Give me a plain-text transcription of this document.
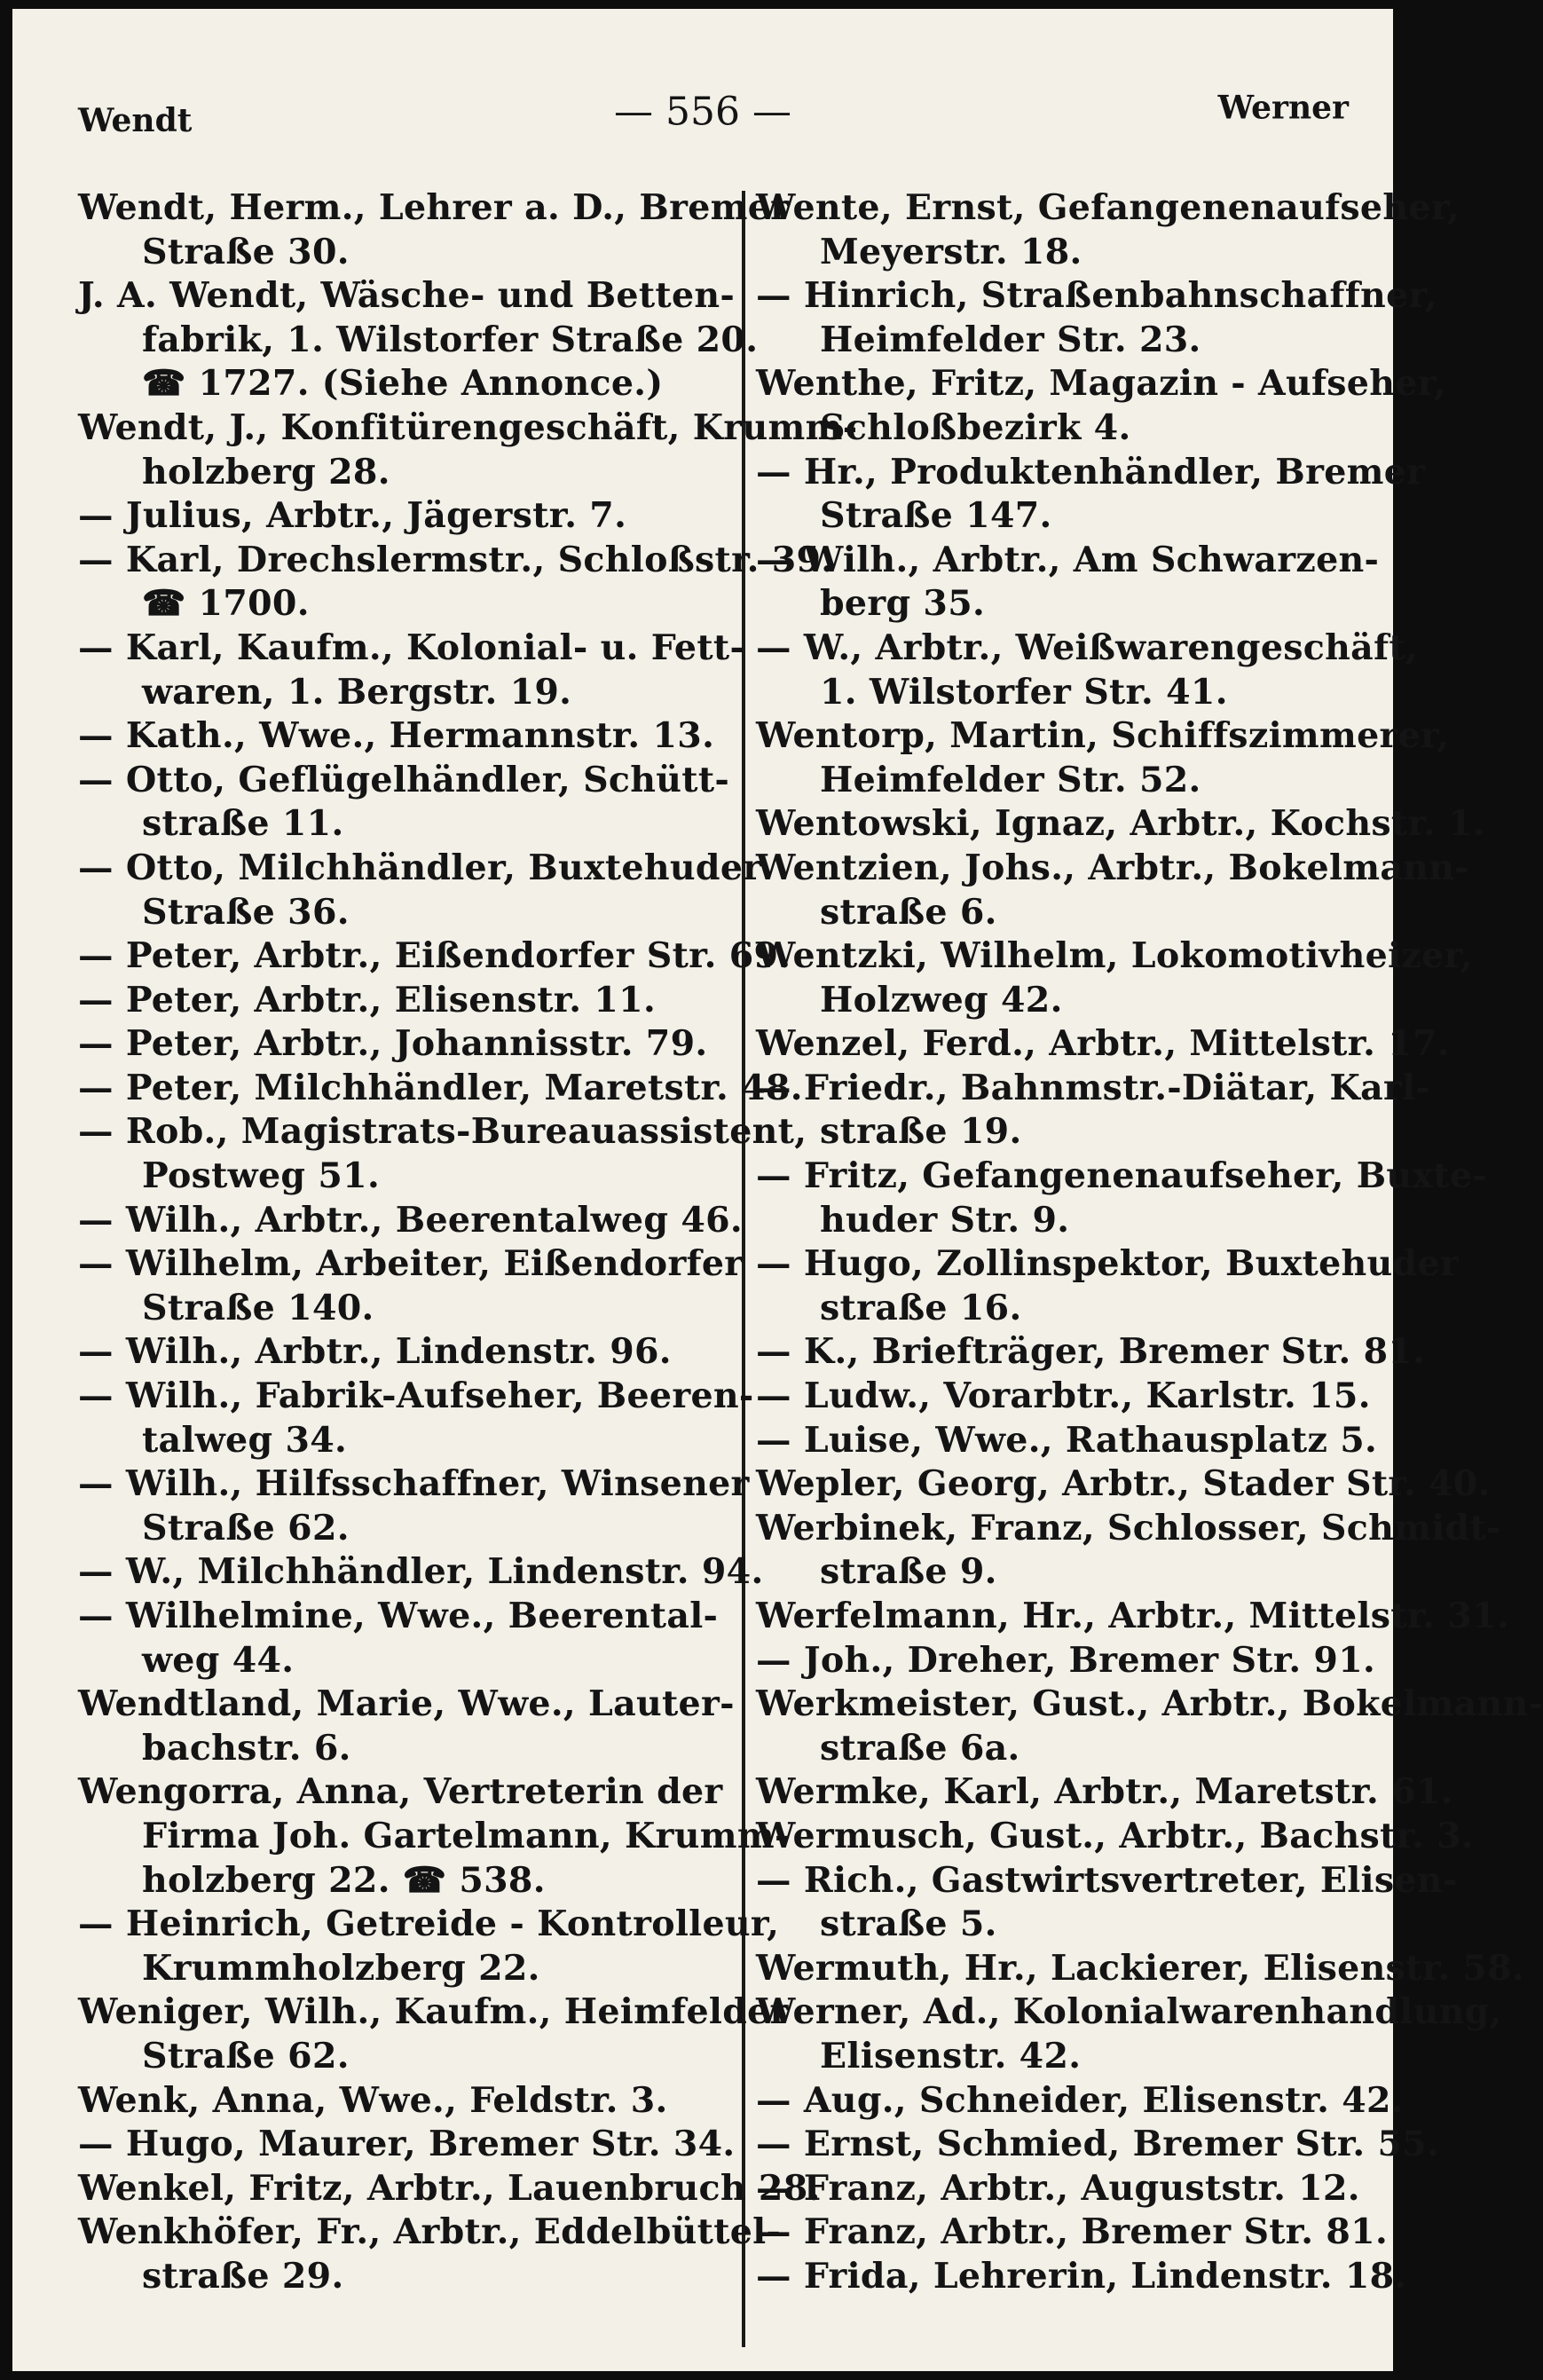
Wendt	— 556 —	Werner
Wendt, Herm., Lehrer a. D., Bremer
Straße 30.
J. A. Wendt, Wäsche- und Betten-
fabrik, 1. Wilstorfer Straße 20.
☎ 1727. (Siehe Annonce.)
Wendt, J., Konfitürengeschäft, Krumm-
holzberg 28.
— Julius, Arbtr., Jägerstr. 7.
— Karl, Drechslermstr., Schloßstr. 39.
☎ 1700.
— Karl, Kaufm., Kolonial- u. Fett-
waren, 1. Bergstr. 19.
— Kath., Wwe., Hermannstr. 13.
— Otto, Geflügelhändler, Schütt-
straße 11.
— Otto, Milchhändler, Buxtehuder
Straße 36.
— Peter, Arbtr., Eißendorfer Str. 69.
— Peter, Arbtr., Elisenstr. 11.
— Peter, Arbtr., Johannisstr. 79.
— Peter, Milchhändler, Maretstr. 48.
— Rob., Magistrats-Bureauassistent,
Postweg 51.
— Wilh., Arbtr., Beerentalweg 46.
— Wilhelm, Arbeiter, Eißendorfer
Straße 140.
— Wilh., Arbtr., Lindenstr. 96.
— Wilh., Fabrik-Aufseher, Beeren-
talweg 34.
— Wilh., Hilfsschaffner, Winsener
Straße 62.
— W., Milchhändler, Lindenstr. 94.
— Wilhelmine, Wwe., Beerental-
weg 44.
Wendtland, Marie, Wwe., Lauter-
bachstr. 6.
Wengorra, Anna, Vertreterin der
Firma Joh. Gartelmann, Krumm-
holzberg 22. ☎ 538.
— Heinrich, Getreide - Kontrolleur,
Krummholzberg 22.
Weniger, Wilh., Kaufm., Heimfelder
Straße 62.
Wenk, Anna, Wwe., Feldstr. 3.
— Hugo, Maurer, Bremer Str. 34.
Wenkel, Fritz, Arbtr., Lauenbruch 28.
Wenkhöfer, Fr., Arbtr., Eddelbüttel-
straße 29.
Wente, Ernst, Gefangenenaufseher,
Meyerstr. 18.
— Hinrich, Straßenbahnschaffner,
Heimfelder Str. 23.
Wenthe, Fritz, Magazin - Aufseher,
Schloßbezirk 4.
— Hr., Produktenhändler, Bremer
Straße 147.
— Wilh., Arbtr., Am Schwarzen-
berg 35.
— W., Arbtr., Weißwarengeschäft,
1. Wilstorfer Str. 41.
Wentorp, Martin, Schiffszimmerer,
Heimfelder Str. 52.
Wentowski, Ignaz, Arbtr., Kochstr. 1.
Wentzien, Johs., Arbtr., Bokelmann-
straße 6.
Wentzki, Wilhelm, Lokomotivheizer,
Holzweg 42.
Wenzel, Ferd., Arbtr., Mittelstr. 17.
— Friedr., Bahnmstr.-Diätar, Karl-
straße 19.
— Fritz, Gefangenenaufseher, Buxte-
huder Str. 9.
— Hugo, Zollinspektor, Buxtehuder
straße 16.
— K., Briefträger, Bremer Str. 81.
— Ludw., Vorarbtr., Karlstr. 15.
— Luise, Wwe., Rathausplatz 5.
Wepler, Georg, Arbtr., Stader Str. 40.
Werbinek, Franz, Schlosser, Schmidt-
straße 9.
Werfelmann, Hr., Arbtr., Mittelstr. 31.
— Joh., Dreher, Bremer Str. 91.
Werkmeister, Gust., Arbtr., Bokelmann-
straße 6a.
Wermke, Karl, Arbtr., Maretstr. 61.
Wermusch, Gust., Arbtr., Bachstr. 3.
— Rich., Gastwirtsvertreter, Elisen-
straße 5.
Wermuth, Hr., Lackierer, Elisenstr. 58.
Werner, Ad., Kolonialwarenhandlung,
Elisenstr. 42.
— Aug., Schneider, Elisenstr. 42.
— Ernst, Schmied, Bremer Str. 55.
— Franz, Arbtr., Auguststr. 12.
— Franz, Arbtr., Bremer Str. 81.
— Frida, Lehrerin, Lindenstr. 18.
